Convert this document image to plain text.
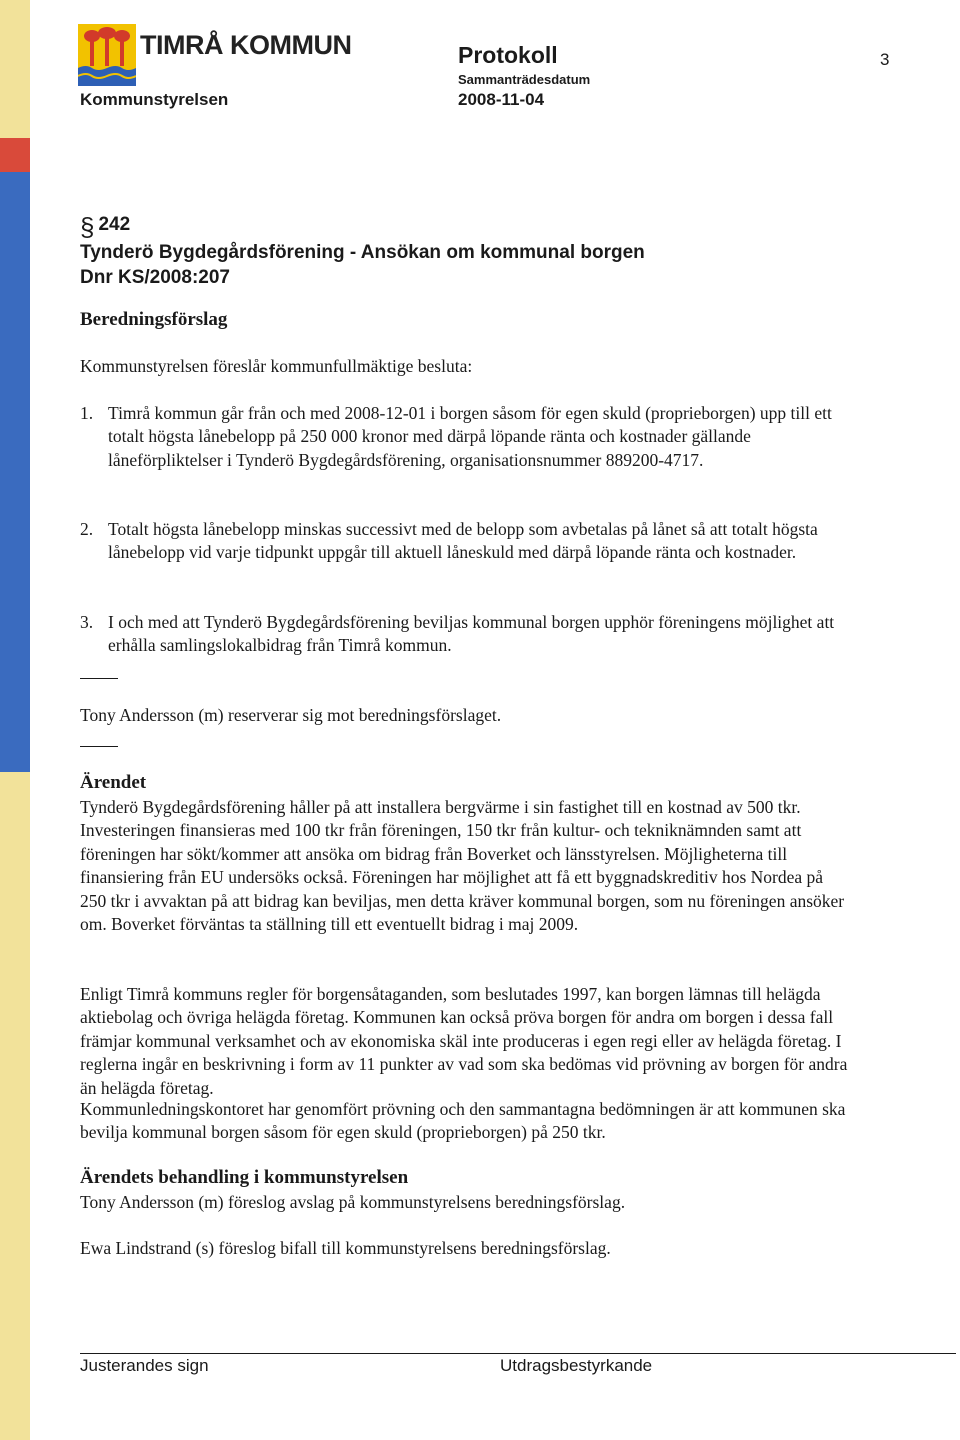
TIMRÅ KOMMUN	Protokoll	3
Sammanträdesdatum
Kommunstyrelsen	2008-11-04
§ 242
Tynderö Bygdegårdsförening - Ansökan om kommunal borgen
Dnr KS/2008:207
Beredningsförslag
Kommunstyrelsen föreslår kommunfullmäktige besluta:
1. Timrå kommun går från och med 2008-12-01 i borgen såsom för egen skuld (proprieborgen) upp till ett totalt högsta lånebelopp på 250 000 kronor med därpå löpande ränta och kostnader gällande låneförpliktelser i Tynderö Bygdegårdsförening, organisationsnummer 889200-4717.
2. Totalt högsta lånebelopp minskas successivt med de belopp som avbetalas på lånet så att totalt högsta lånebelopp vid varje tidpunkt uppgår till aktuell låneskuld med därpå löpande ränta och kostnader.
3. I och med att Tynderö Bygdegårdsförening beviljas kommunal borgen upphör föreningens möjlighet att erhålla samlingslokalbidrag från Timrå kommun.
Tony Andersson (m) reserverar sig mot beredningsförslaget.
Ärendet
Tynderö Bygdegårdsförening håller på att installera bergvärme i sin fastighet till en kostnad av 500 tkr. Investeringen finansieras med 100 tkr från föreningen, 150 tkr från kultur- och tekniknämnden samt att föreningen har sökt/kommer att ansöka om bidrag från Boverket och länsstyrelsen. Möjligheterna till finansiering från EU undersöks också. Föreningen har möjlighet att få ett byggnadskreditiv hos Nordea på 250 tkr i avvaktan på att bidrag kan beviljas, men detta kräver kommunal borgen, som nu föreningen ansöker om. Boverket förväntas ta ställning till ett eventuellt bidrag i maj 2009.
Enligt Timrå kommuns regler för borgensåtaganden, som beslutades 1997, kan borgen lämnas till helägda aktiebolag och övriga helägda företag. Kommunen kan också pröva borgen för andra om borgen i dessa fall främjar kommunal verksamhet och av ekonomiska skäl inte produceras i egen regi eller av helägda företag. I reglerna ingår en beskrivning i form av 11 punkter av vad som ska bedömas vid prövning av borgen för andra än helägda företag.
Kommunledningskontoret har genomfört prövning och den sammantagna bedömningen är att kommunen ska bevilja kommunal borgen såsom för egen skuld (proprieborgen) på 250 tkr.
Ärendets behandling i kommunstyrelsen
Tony Andersson (m) föreslog avslag på kommunstyrelsens beredningsförslag.
Ewa Lindstrand (s) föreslog bifall till kommunstyrelsens beredningsförslag.
Justerandes sign	Utdragsbestyrkande
